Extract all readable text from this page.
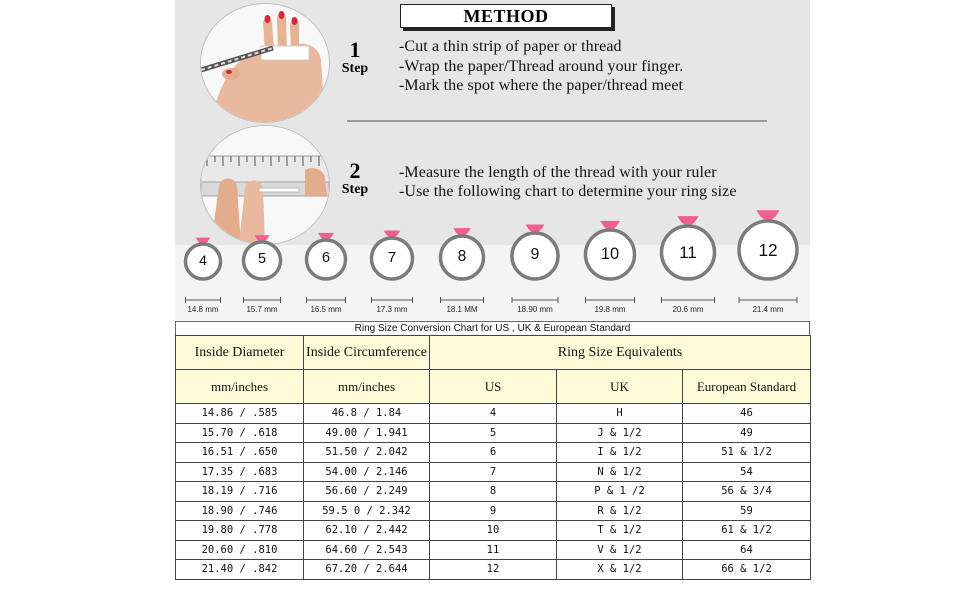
1
Step
METHOD
-Cut a thin strip of paper or thread
-Wrap the paper/Thread around your finger.
-Mark the spot where the paper/thread meet
2
Step
-Measure the length of the thread with your ruler
-Use the following chart to determine your ring size
4
14.8 mm
5
15.7 mm
6
16.5 mm
7
17.3 mm
8
18.1 MM
9
18.90 mm
10
19.8 mm
11
20.6 mm
12
21.4 mm
Ring Size Conversion Chart for US , UK & European Standard
Inside Diameter	Inside Circumference	Ring Size Equivalents		
mm/inches	mm/inches	US	UK	European Standard
14.86 / .585	46.8 / 1.84	4	H	46
15.70 / .618	49.00 / 1.941	5	J & 1/2	49
16.51 / .650	51.50 / 2.042	6	I & 1/2	51 & 1/2
17.35 / .683	54.00 / 2.146	7	N & 1/2	54
18.19 / .716	56.60 / 2.249	8	P & 1 /2	56 & 3/4
18.90 / .746	59.5 0 / 2.342	9	R & 1/2	59
19.80 / .778	62.10 / 2.442	10	T & 1/2	61 & 1/2
20.60 / .810	64.60 / 2.543	11	V & 1/2	64
21.40 / .842	67.20 / 2.644	12	X & 1/2	66 & 1/2
